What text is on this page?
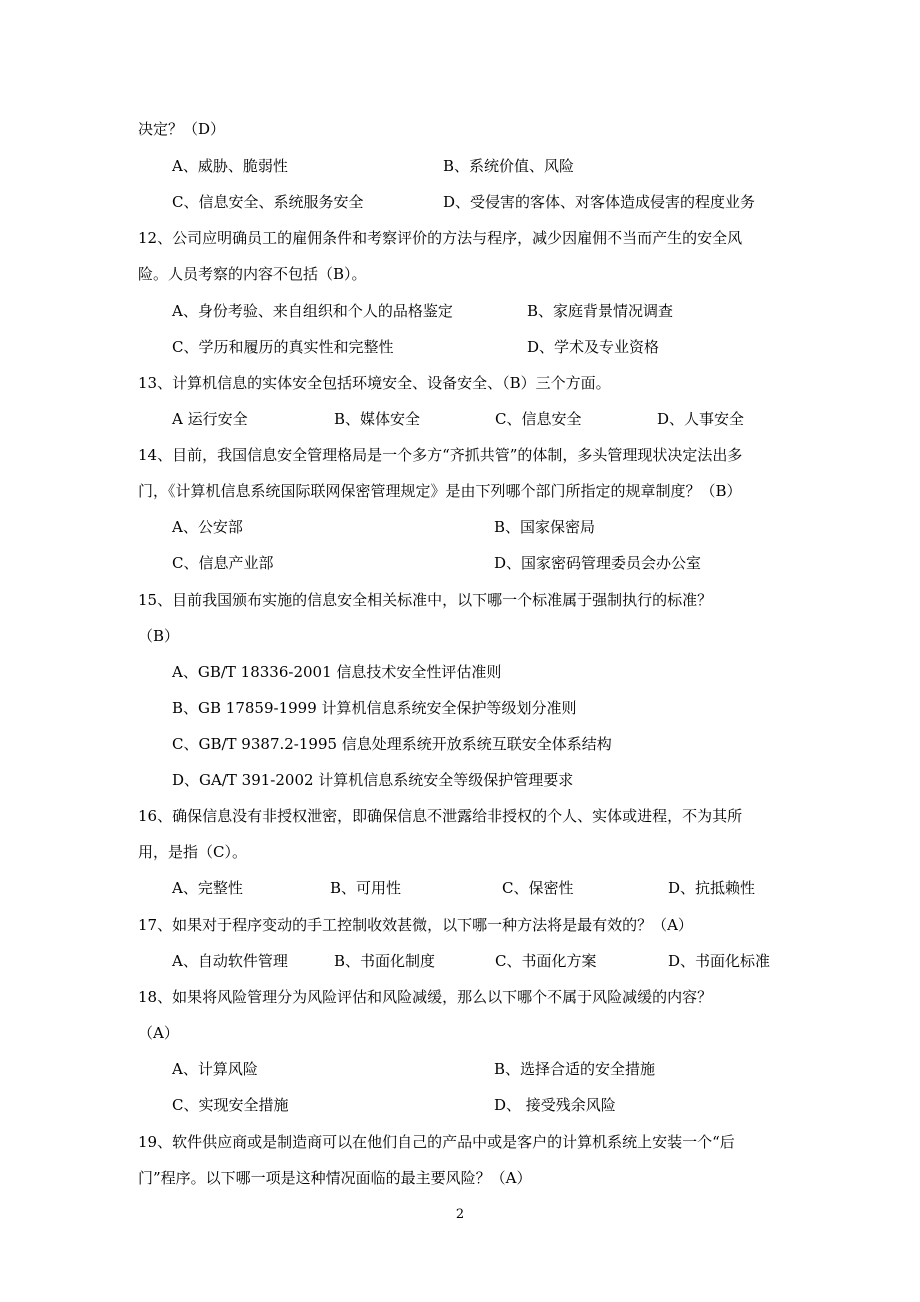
决定？（D）
A、威胁、脆弱性	B、系统价值、风险
C、信息安全、系统服务安全	D、受侵害的客体、对客体造成侵害的程度业务
12、公司应明确员工的雇佣条件和考察评价的方法与程序，减少因雇佣不当而产生的安全风
险。人员考察的内容不包括（B）。
A、身份考验、来自组织和个人的品格鉴定	B、家庭背景情况调查
C、学历和履历的真实性和完整性	D、学术及专业资格
13、计算机信息的实体安全包括环境安全、设备安全、（B）三个方面。
A 运行安全	B、媒体安全	C、信息安全	D、人事安全
14、目前，我国信息安全管理格局是一个多方“齐抓共管”的体制，多头管理现状决定法出多
门，《计算机信息系统国际联网保密管理规定》是由下列哪个部门所指定的规章制度？（B）
A、公安部	B、国家保密局
C、信息产业部	D、国家密码管理委员会办公室
15、目前我国颁布实施的信息安全相关标准中，以下哪一个标准属于强制执行的标准？
（B）
A、GB/T 18336-2001 信息技术安全性评估准则
B、GB 17859-1999 计算机信息系统安全保护等级划分准则
C、GB/T 9387.2-1995 信息处理系统开放系统互联安全体系结构
D、GA/T 391-2002 计算机信息系统安全等级保护管理要求
16、确保信息没有非授权泄密，即确保信息不泄露给非授权的个人、实体或进程，不为其所
用，是指（C）。
A、完整性	B、可用性	C、保密性	D、抗抵赖性
17、如果对于程序变动的手工控制收效甚微，以下哪一种方法将是最有效的？（A）
A、自动软件管理	B、书面化制度	C、书面化方案	D、书面化标准
18、如果将风险管理分为风险评估和风险减缓，那么以下哪个不属于风险减缓的内容？
（A）
A、计算风险	B、选择合适的安全措施
C、实现安全措施	D、 接受残余风险
19、软件供应商或是制造商可以在他们自己的产品中或是客户的计算机系统上安装一个“后
门”程序。以下哪一项是这种情况面临的最主要风险？（A）
2
